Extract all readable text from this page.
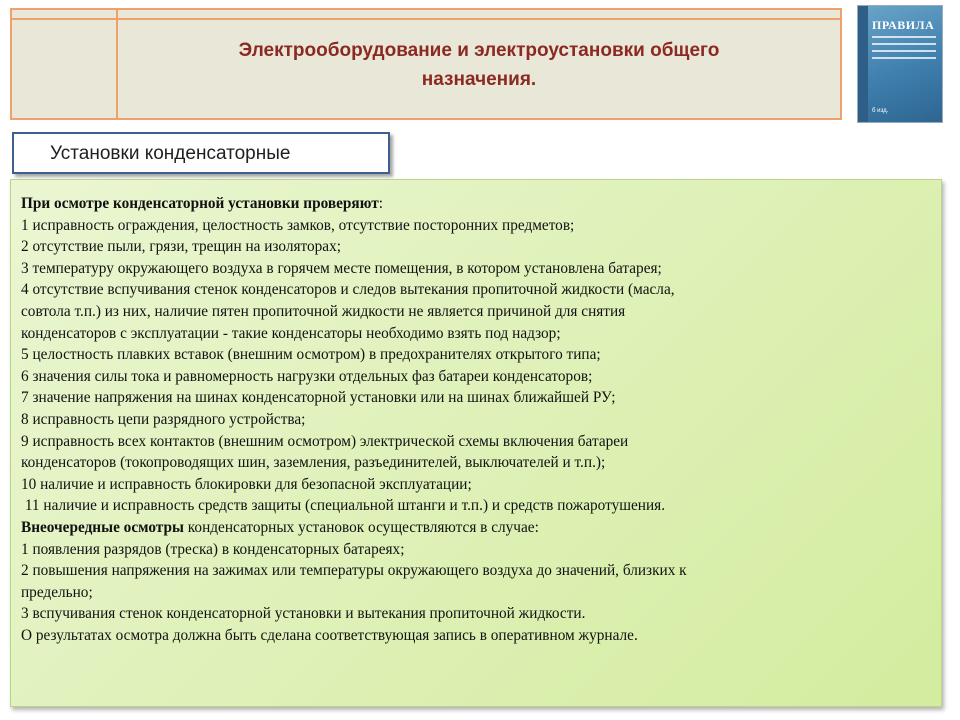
Электрооборудование и электроустановки общего
назначения.
ПРАВИЛА
б изд.
Установки конденсаторные

При осмотре конденсаторной установки проверяют:

1 исправность ограждения, целостность замков, отсутствие посторонних предметов;

2 отсутствие пыли, грязи, трещин на изоляторах;

3 температуру окружающего воздуха в горячем месте помещения, в котором установлена батарея;

4 отсутствие вспучивания стенок конденсаторов и следов вытекания пропиточной жидкости (масла,

совтола т.п.) из них, наличие пятен пропиточной жидкости не является причиной для снятия

конденсаторов с эксплуатации - такие конденсаторы необходимо взять под надзор;

5 целостность плавких вставок (внешним осмотром) в предохранителях открытого типа;

6 значения силы тока и равномерность нагрузки отдельных фаз батареи конденсаторов;

7 значение напряжения на шинах конденсаторной установки или на шинах ближайшей РУ;

8 исправность цепи разрядного устройства;

9 исправность всех контактов (внешним осмотром) электрической схемы включения батареи

конденсаторов (токопроводящих шин, заземления, разъединителей, выключателей и т.п.);

10 наличие и исправность блокировки для безопасной эксплуатации;

11 наличие и исправность средств защиты (специальной штанги и т.п.) и средств пожаротушения.

Внеочередные осмотры конденсаторных установок осуществляются в случае:

1 появления разрядов (треска) в конденсаторных батареях;

2 повышения напряжения на зажимах или температуры окружающего воздуха до значений, близких к

предельно;

3 вспучивания стенок конденсаторной установки и вытекания пропиточной жидкости.

О результатах осмотра должна быть сделана соответствующая запись в оперативном журнале.
